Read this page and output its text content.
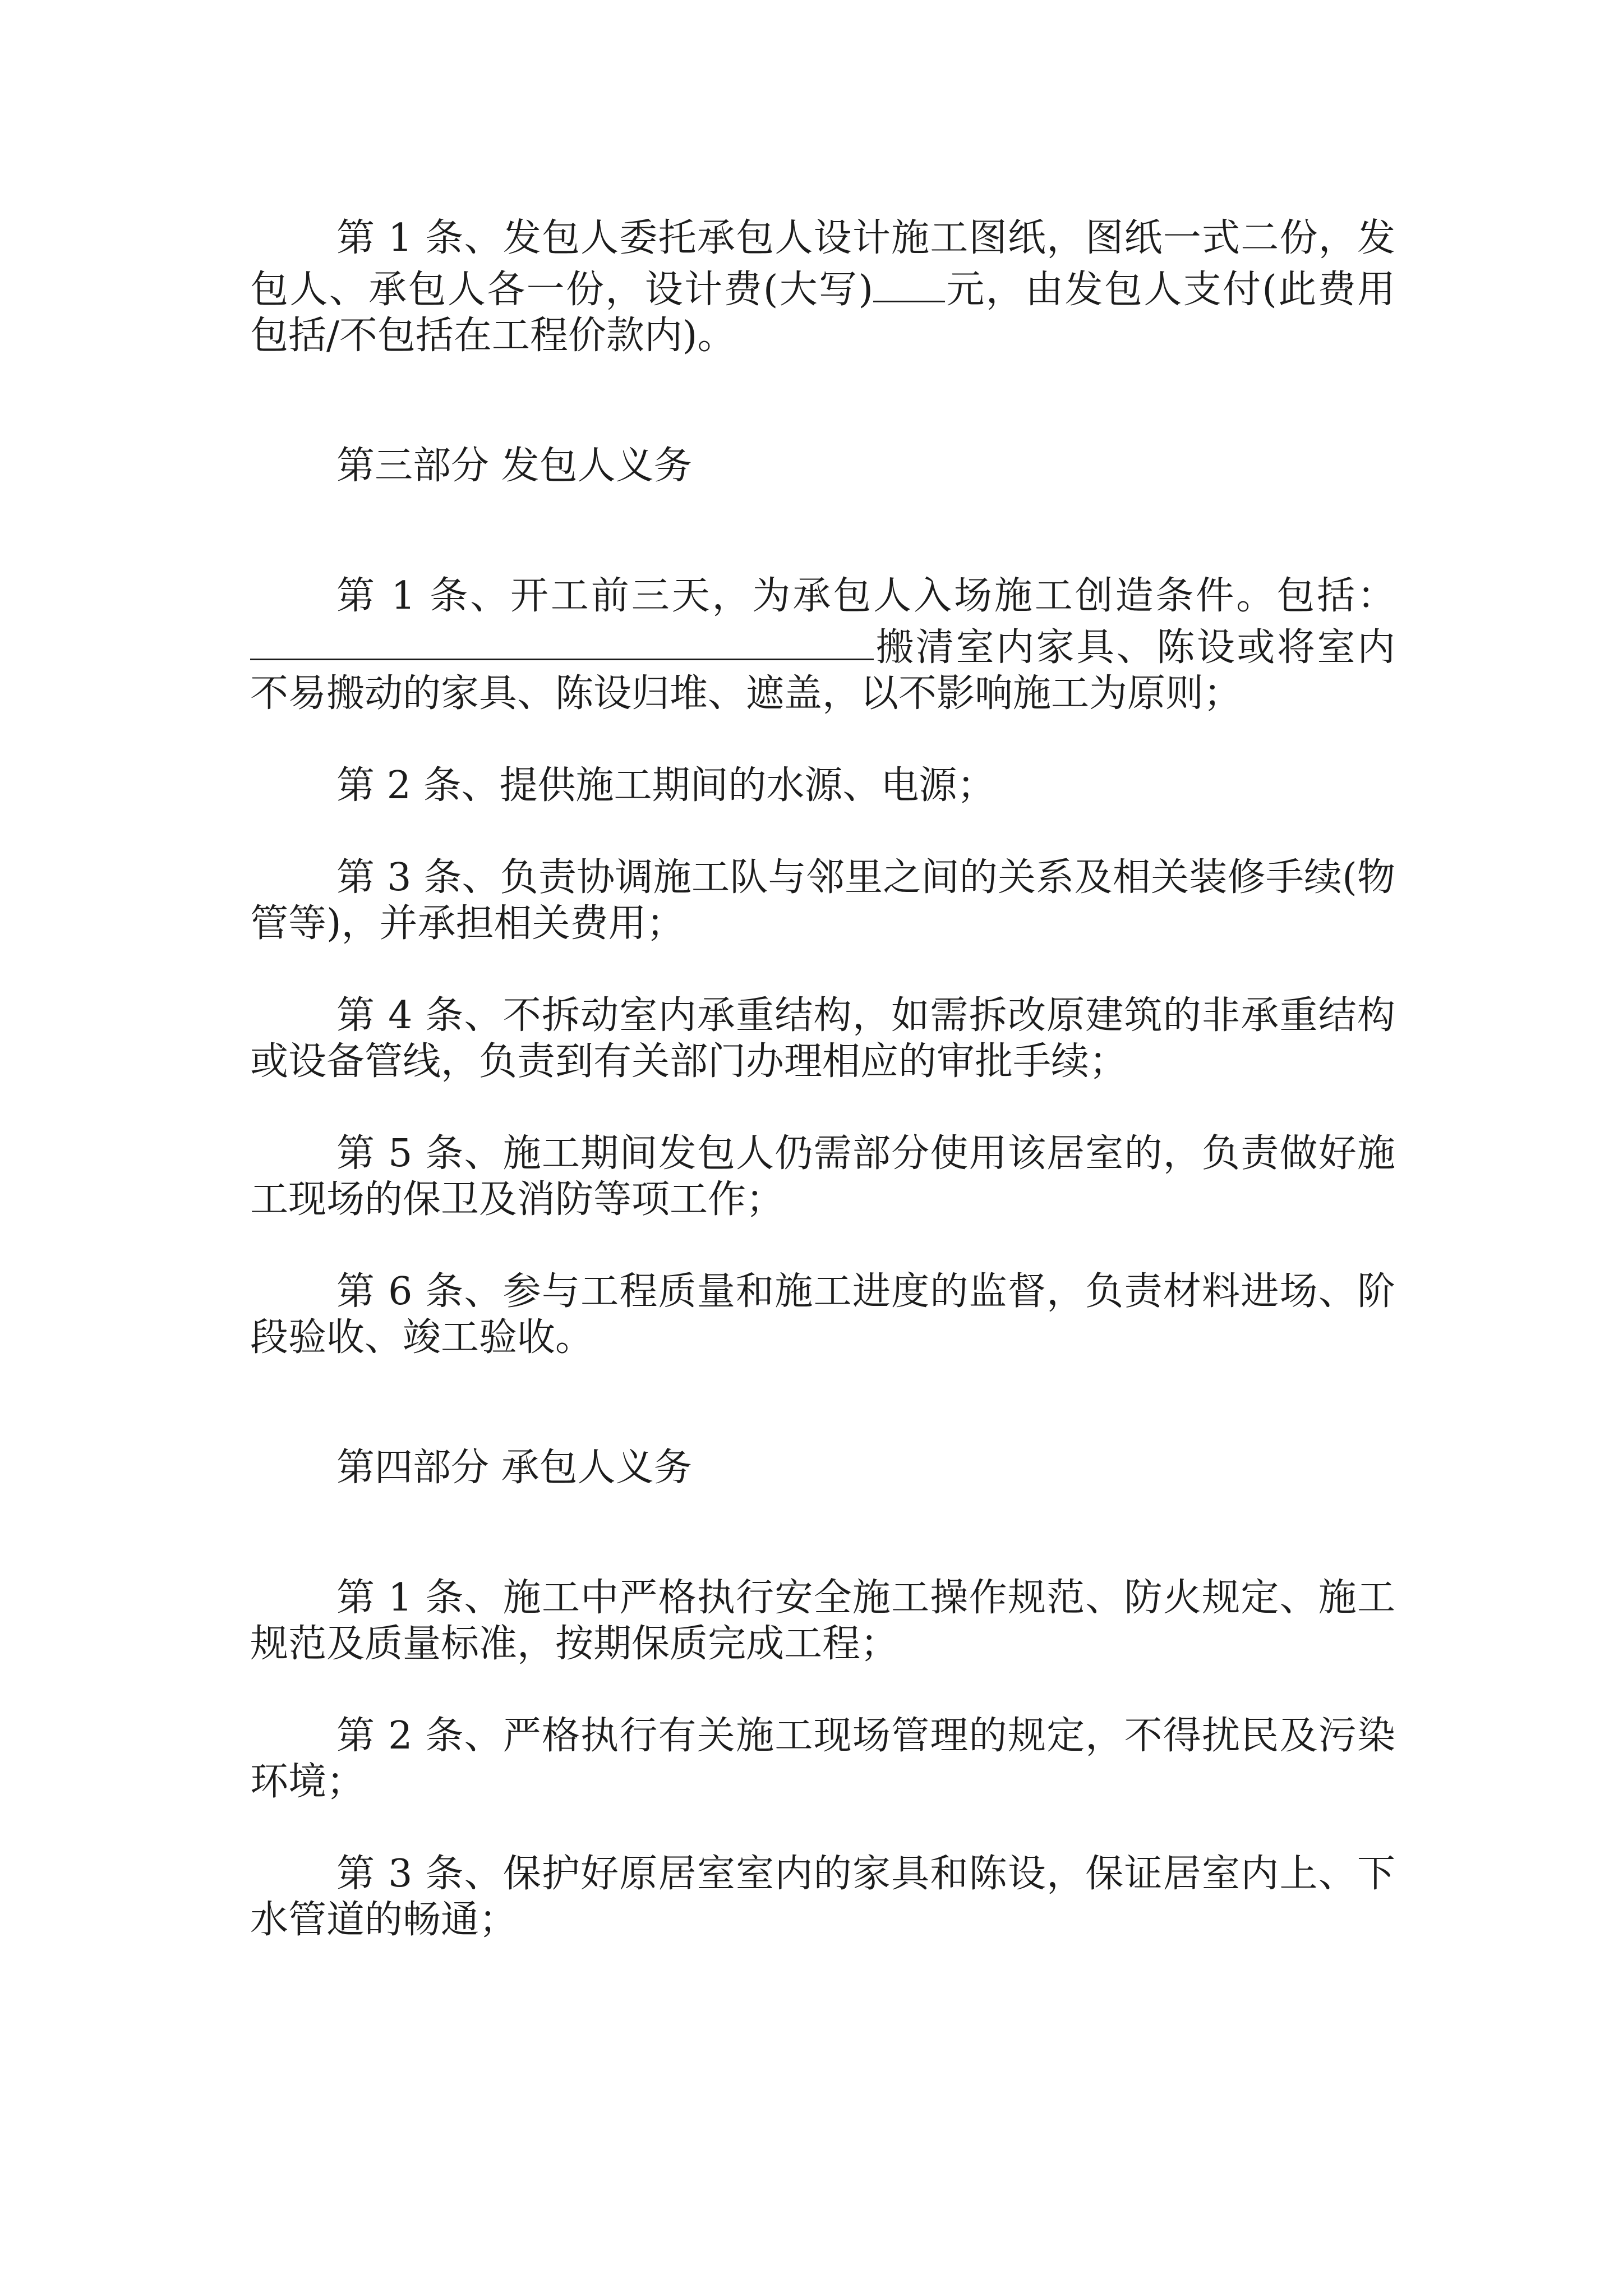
第 1 条、发包人委托承包人设计施工图纸，图纸一式二份，发包人、承包人各一份，设计费(大写) 元，由发包人支付(此费用包括/不包括在工程价款内)。

第三部分 发包人义务

第 1 条、开工前三天，为承包人入场施工创造条件。包括：搬清室内家具、陈设或将室内不易搬动的家具、陈设归堆、遮盖，以不影响施工为原则；

第 2 条、提供施工期间的水源、电源；

第 3 条、负责协调施工队与邻里之间的关系及相关装修手续(物管等)，并承担相关费用；

第 4 条、不拆动室内承重结构，如需拆改原建筑的非承重结构或设备管线，负责到有关部门办理相应的审批手续；

第 5 条、施工期间发包人仍需部分使用该居室的，负责做好施工现场的保卫及消防等项工作；

第 6 条、参与工程质量和施工进度的监督，负责材料进场、阶段验收、竣工验收。

第四部分 承包人义务

第 1 条、施工中严格执行安全施工操作规范、防火规定、施工规范及质量标准，按期保质完成工程；

第 2 条、严格执行有关施工现场管理的规定，不得扰民及污染环境；

第 3 条、保护好原居室室内的家具和陈设，保证居室内上、下水管道的畅通；
